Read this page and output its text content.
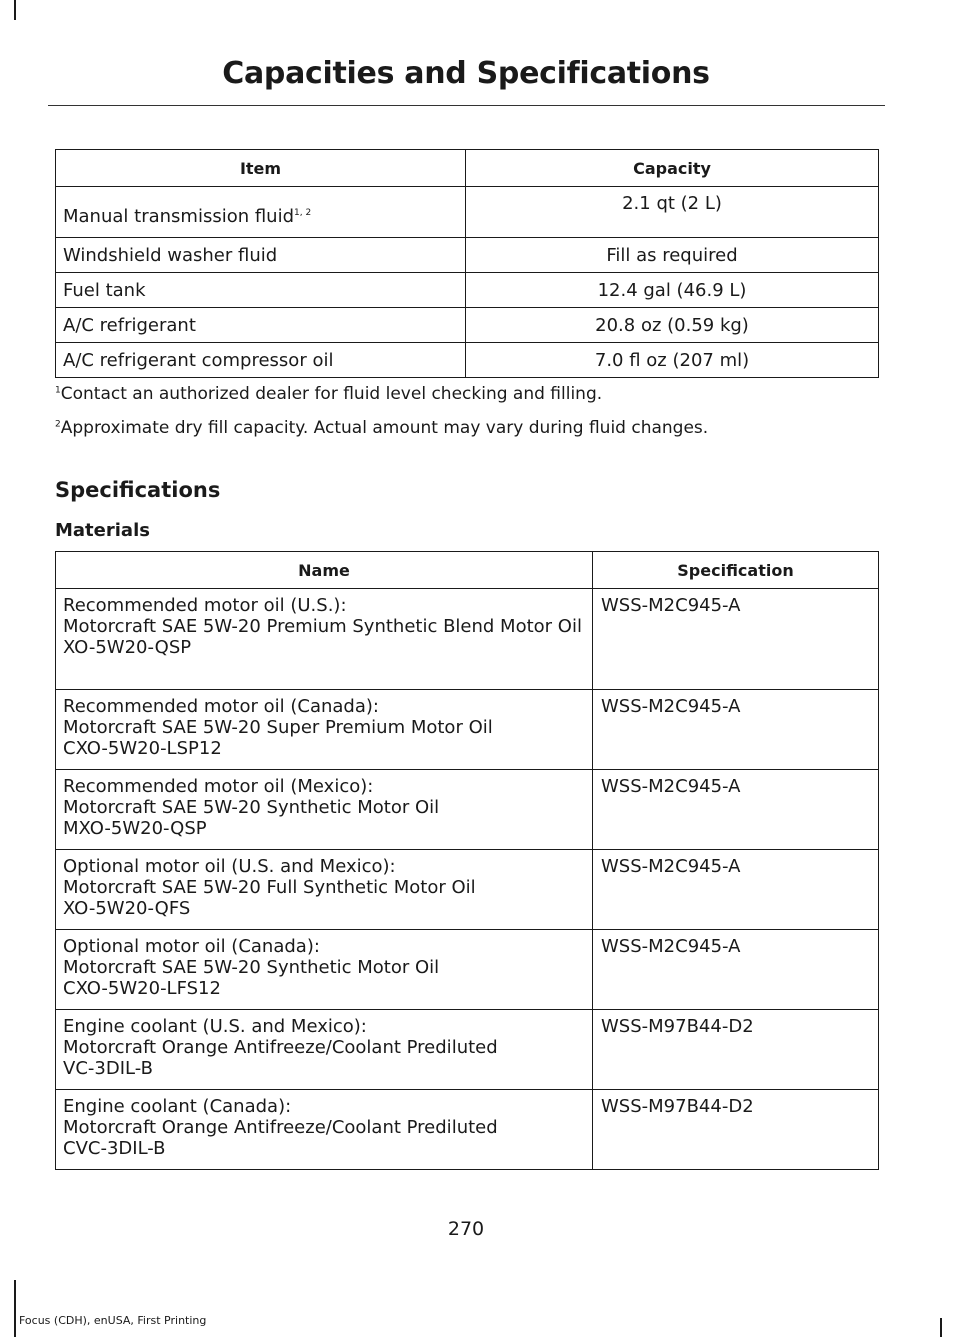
Capacities and Specifications
Item	Capacity
Manual transmission fluid$^{1, 2}$	2.1 qt (2 L)
Windshield washer fluid	Fill as required
Fuel tank	12.4 gal (46.9 L)
A/C refrigerant	20.8 oz (0.59 kg)
A/C refrigerant compressor oil	7.0 fl oz (207 ml)
$^1$Contact an authorized dealer for fluid level checking and filling.
$^2$Approximate dry fill capacity. Actual amount may vary during fluid changes.
Specifications
Materials
Name	Specification

Recommended motor oil (U.S.):
Motorcraft SAE 5W-20 Premium Synthetic Blend Motor Oil
XO-5W20-QSP	WSS-M2C945-A

Recommended motor oil (Canada):
Motorcraft SAE 5W-20 Super Premium Motor Oil
CXO-5W20-LSP12	WSS-M2C945-A

Recommended motor oil (Mexico):
Motorcraft SAE 5W-20 Synthetic Motor Oil
MXO-5W20-QSP	WSS-M2C945-A

Optional motor oil (U.S. and Mexico):
Motorcraft SAE 5W-20 Full Synthetic Motor Oil
XO-5W20-QFS	WSS-M2C945-A

Optional motor oil (Canada):
Motorcraft SAE 5W-20 Synthetic Motor Oil
CXO-5W20-LFS12	WSS-M2C945-A

Engine coolant (U.S. and Mexico):
Motorcraft Orange Antifreeze/Coolant Prediluted
VC-3DIL-B	WSS-M97B44-D2

Engine coolant (Canada):
Motorcraft Orange Antifreeze/Coolant Prediluted
CVC-3DIL-B	WSS-M97B44-D2
270
Focus (CDH), enUSA, First Printing
